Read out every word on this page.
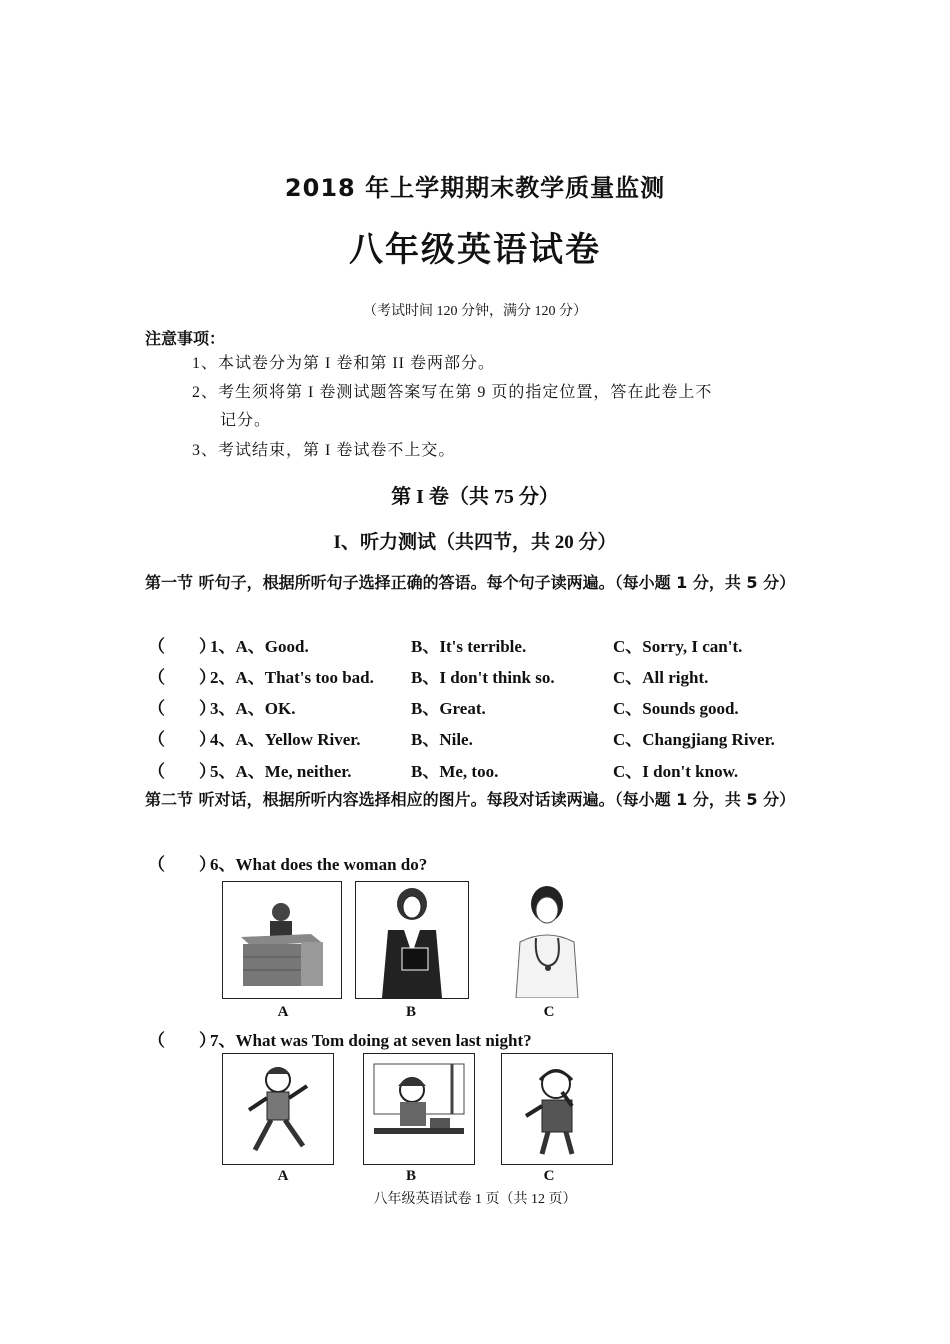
2018 年上学期期末教学质量监测
八年级英语试卷
（考试时间 120 分钟，满分 120 分）
注意事项：
1、本试卷分为第 I 卷和第 II 卷两部分。
2、考生须将第 I 卷测试题答案写在第 9 页的指定位置，答在此卷上不
记分。
3、考试结束，第 I 卷试卷不上交。
第 I 卷（共 75 分）
I、听力测试（共四节，共 20 分）
第一节 听句子，根据所听句子选择正确的答语。每个句子读两遍。（每小题 1 分，共 5 分）
（　　）
1、A、Good.	B、It's terrible.	C、Sorry, I can't.
（　　）
2、A、That's too bad. B、I don't think so.	C、All right.
（　　）
3、A、OK.	B、Great.	C、Sounds good.
（　　）
4、A、Yellow River.	B、Nile.	C、Changjiang River.
（　　）
5、A、Me, neither.	B、Me, too.	C、I don't know.
第二节 听对话，根据所听内容选择相应的图片。每段对话读两遍。（每小题 1 分，共 5 分）
（　　）
6、What does the woman do?
A	B	C
（　　）
7、What was Tom doing at seven last night?
A	B	C
八年级英语试卷 1 页（共 12 页）
